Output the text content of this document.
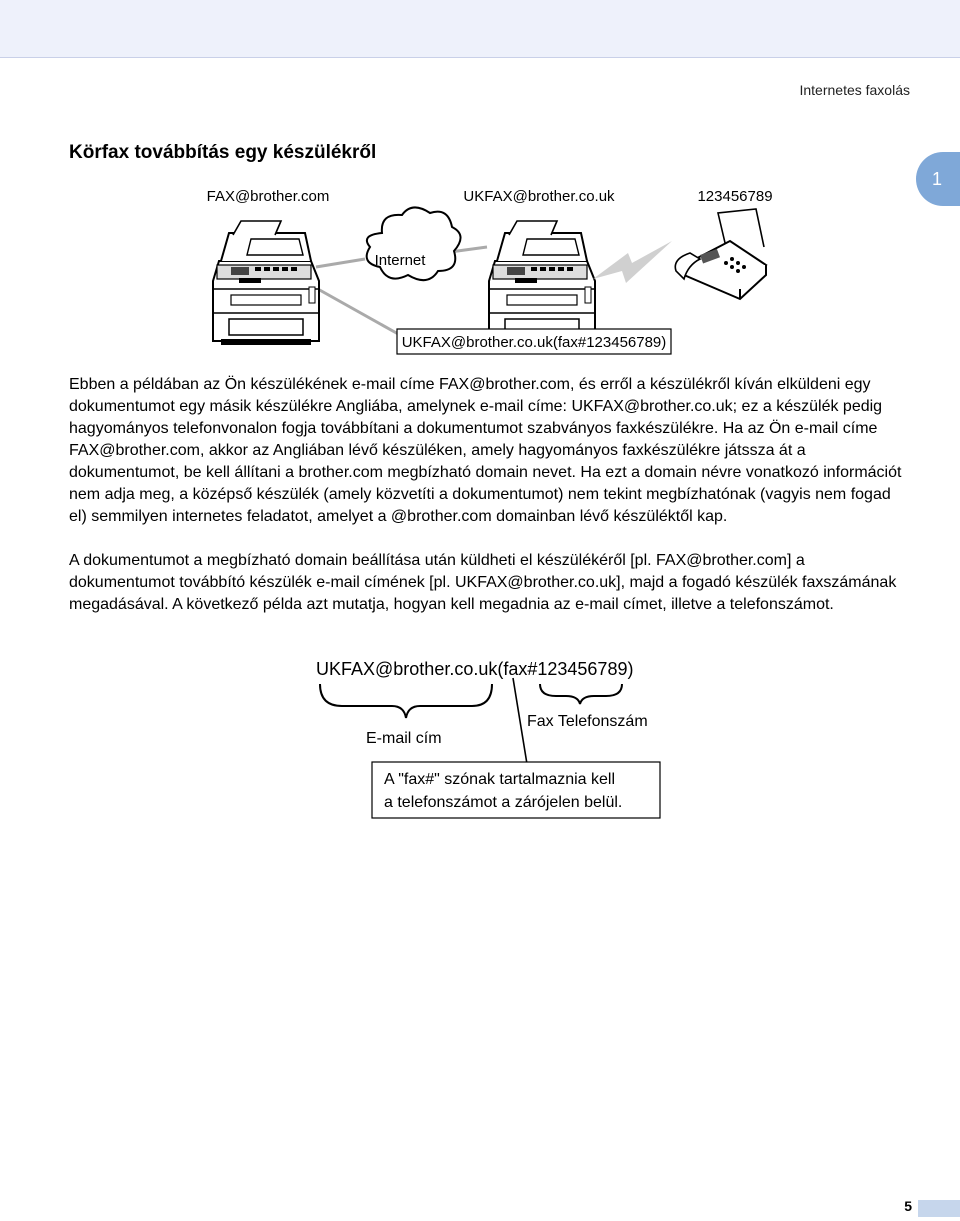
Internetes faxolás
1
Körfax továbbítás egy készülékről
FAX@brother.com	UKFAX@brother.co.uk	123456789
Internet
UKFAX@brother.co.uk(fax#123456789)

Ebben a példában az Ön készülékének e-mail címe FAX@brother.com, és erről a készülékről kíván elküldeni egy dokumentumot egy másik készülékre Angliába, amelynek e-mail címe: UKFAX@brother.co.uk; ez a készülék pedig hagyományos telefonvonalon fogja továbbítani a dokumentumot szabványos faxkészülékre. Ha az Ön e-mail címe FAX@brother.com, akkor az Angliában lévő készüléken, amely hagyományos faxkészülékre játssza át a dokumentumot, be kell állítani a brother.com megbízható domain nevet. Ha ezt a domain névre vonatkozó információt nem adja meg, a középső készülék (amely közvetíti a dokumentumot) nem tekint megbízhatónak (vagyis nem fogad el) semmilyen internetes feladatot, amelyet a @brother.com domainban lévő készüléktől kap.

A dokumentumot a megbízható domain beállítása után küldheti el készülékéről [pl. FAX@brother.com] a dokumentumot továbbító készülék e-mail címének [pl. UKFAX@brother.co.uk], majd a fogadó készülék faxszámának megadásával. A következő példa azt mutatja, hogyan kell megadnia az e-mail címet, illetve a telefonszámot.

UKFAX@brother.co.uk(fax#123456789)
E-mail cím
Fax Telefonszám
A "fax#" szónak tartalmaznia kell
a telefonszámot a zárójelen belül.
5
